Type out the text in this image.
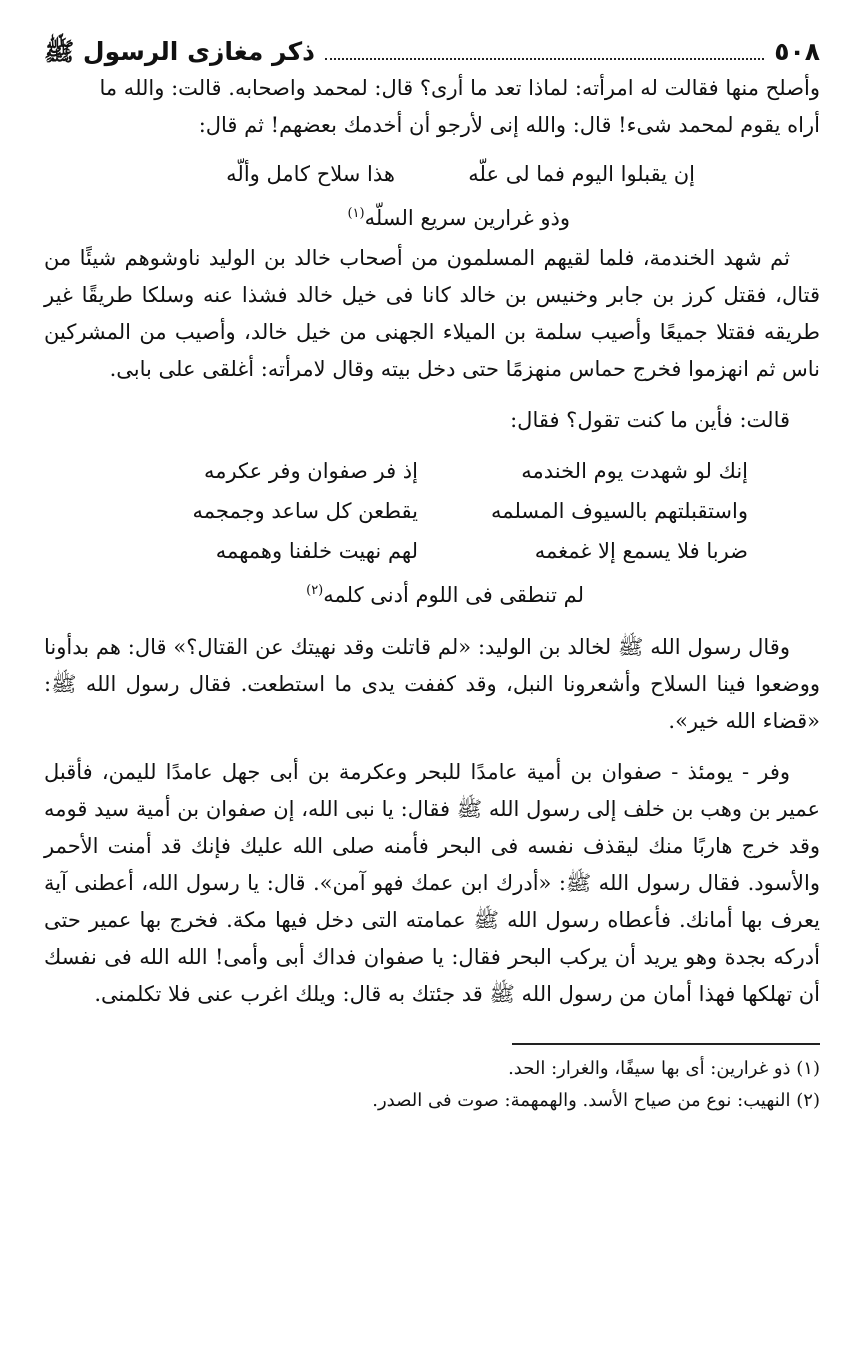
٥٠٨
ذكر مغازى الرسول ﷺ

وأصلح منها فقالت له امرأته: لماذا تعد ما أرى؟ قال: لمحمد واصحابه. قالت: والله ما

أراه يقوم لمحمد شىء! قال: والله إنى لأرجو أن أخدمك بعضهم! ثم قال:

إن يقبلوا اليوم فما لى علّه
هذا سلاح كامل وألّه
وذو غرارين سريع السلّه$^{(١)}$

ثم شهد الخندمة، فلما لقيهم المسلمون من أصحاب خالد بن الوليد ناوشوهم شيئًا من قتال، فقتل كرز بن جابر وخنيس بن خالد كانا فى خيل خالد فشذا عنه وسلكا طريقًا غير طريقه فقتلا جميعًا وأصيب سلمة بن الميلاء الجهنى من خيل خالد، وأصيب من المشركين ناس ثم انهزموا فخرج حماس منهزمًا حتى دخل بيته وقال لامرأته: أغلقى على بابى.

قالت: فأين ما كنت تقول؟ فقال:

إنك لو شهدت يوم الخندمه
إذ فر صفوان وفر عكرمه
واستقبلتهم بالسيوف المسلمه
يقطعن كل ساعد وجمجمه
ضربا فلا يسمع إلا غمغمه
لهم نهيت خلفنا وهمهمه
لم تنطقى فى اللوم أدنى كلمه$^{(٢)}$

وقال رسول الله ﷺ لخالد بن الوليد: «لم قاتلت وقد نهيتك عن القتال؟» قال: هم بدأونا ووضعوا فينا السلاح وأشعرونا النبل، وقد كففت يدى ما استطعت. فقال رسول الله ﷺ: «قضاء الله خير».

وفر - يومئذ - صفوان بن أمية عامدًا للبحر وعكرمة بن أبى جهل عامدًا لليمن، فأقبل عمير بن وهب بن خلف إلى رسول الله ﷺ فقال: يا نبى الله، إن صفوان بن أمية سيد قومه وقد خرج هاربًا منك ليقذف نفسه فى البحر فأمنه صلى الله عليك فإنك قد أمنت الأحمر والأسود. فقال رسول الله ﷺ: «أدرك ابن عمك فهو آمن». قال: يا رسول الله، أعطنى آية يعرف بها أمانك. فأعطاه رسول الله ﷺ عمامته التى دخل فيها مكة. فخرج بها عمير حتى أدركه بجدة وهو يريد أن يركب البحر فقال: يا صفوان فداك أبى وأمى! الله الله فى نفسك أن تهلكها فهذا أمان من رسول الله ﷺ قد جئتك به قال: ويلك اغرب عنى فلا تكلمنى.

(١) ذو غرارين: أى بها سيفًا، والغرار: الحد.

(٢) النهيب: نوع من صياح الأسد. والهمهمة: صوت فى الصدر.
